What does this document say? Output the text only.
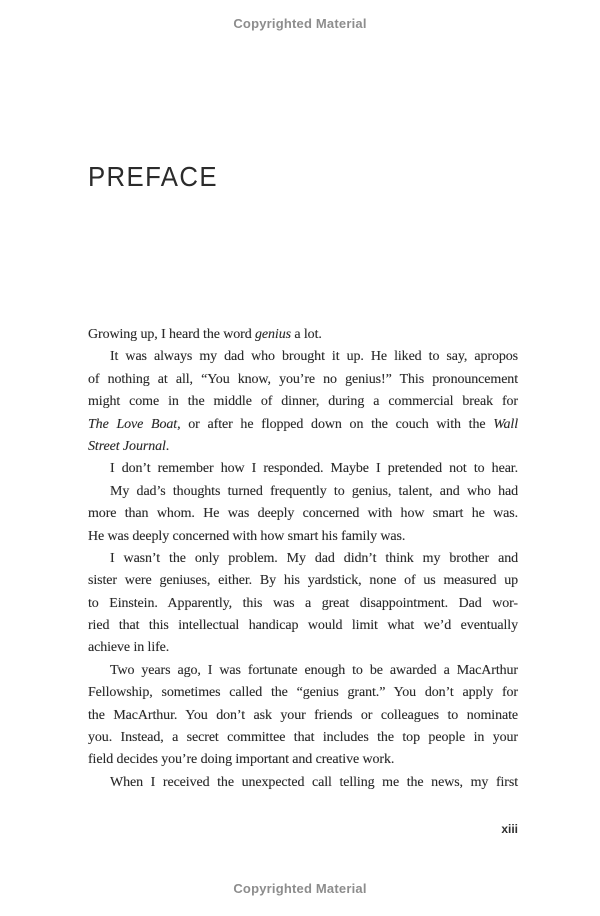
Copyrighted Material
PREFACE
Growing up, I heard the word genius a lot.
It was always my dad who brought it up. He liked to say, apropos
of nothing at all, “You know, you’re no genius!” This pronouncement
might come in the middle of dinner, during a commercial break for
The Love Boat, or after he flopped down on the couch with the Wall
Street Journal.
I don’t remember how I responded. Maybe I pretended not to hear.
My dad’s thoughts turned frequently to genius, talent, and who had
more than whom. He was deeply concerned with how smart he was.
He was deeply concerned with how smart his family was.
I wasn’t the only problem. My dad didn’t think my brother and
sister were geniuses, either. By his yardstick, none of us measured up
to Einstein. Apparently, this was a great disappointment. Dad wor-
ried that this intellectual handicap would limit what we’d eventually
achieve in life.
Two years ago, I was fortunate enough to be awarded a MacArthur
Fellowship, sometimes called the “genius grant.” You don’t apply for
the MacArthur. You don’t ask your friends or colleagues to nominate
you. Instead, a secret committee that includes the top people in your
field decides you’re doing important and creative work.
When I received the unexpected call telling me the news, my first
xiii
Copyrighted Material
